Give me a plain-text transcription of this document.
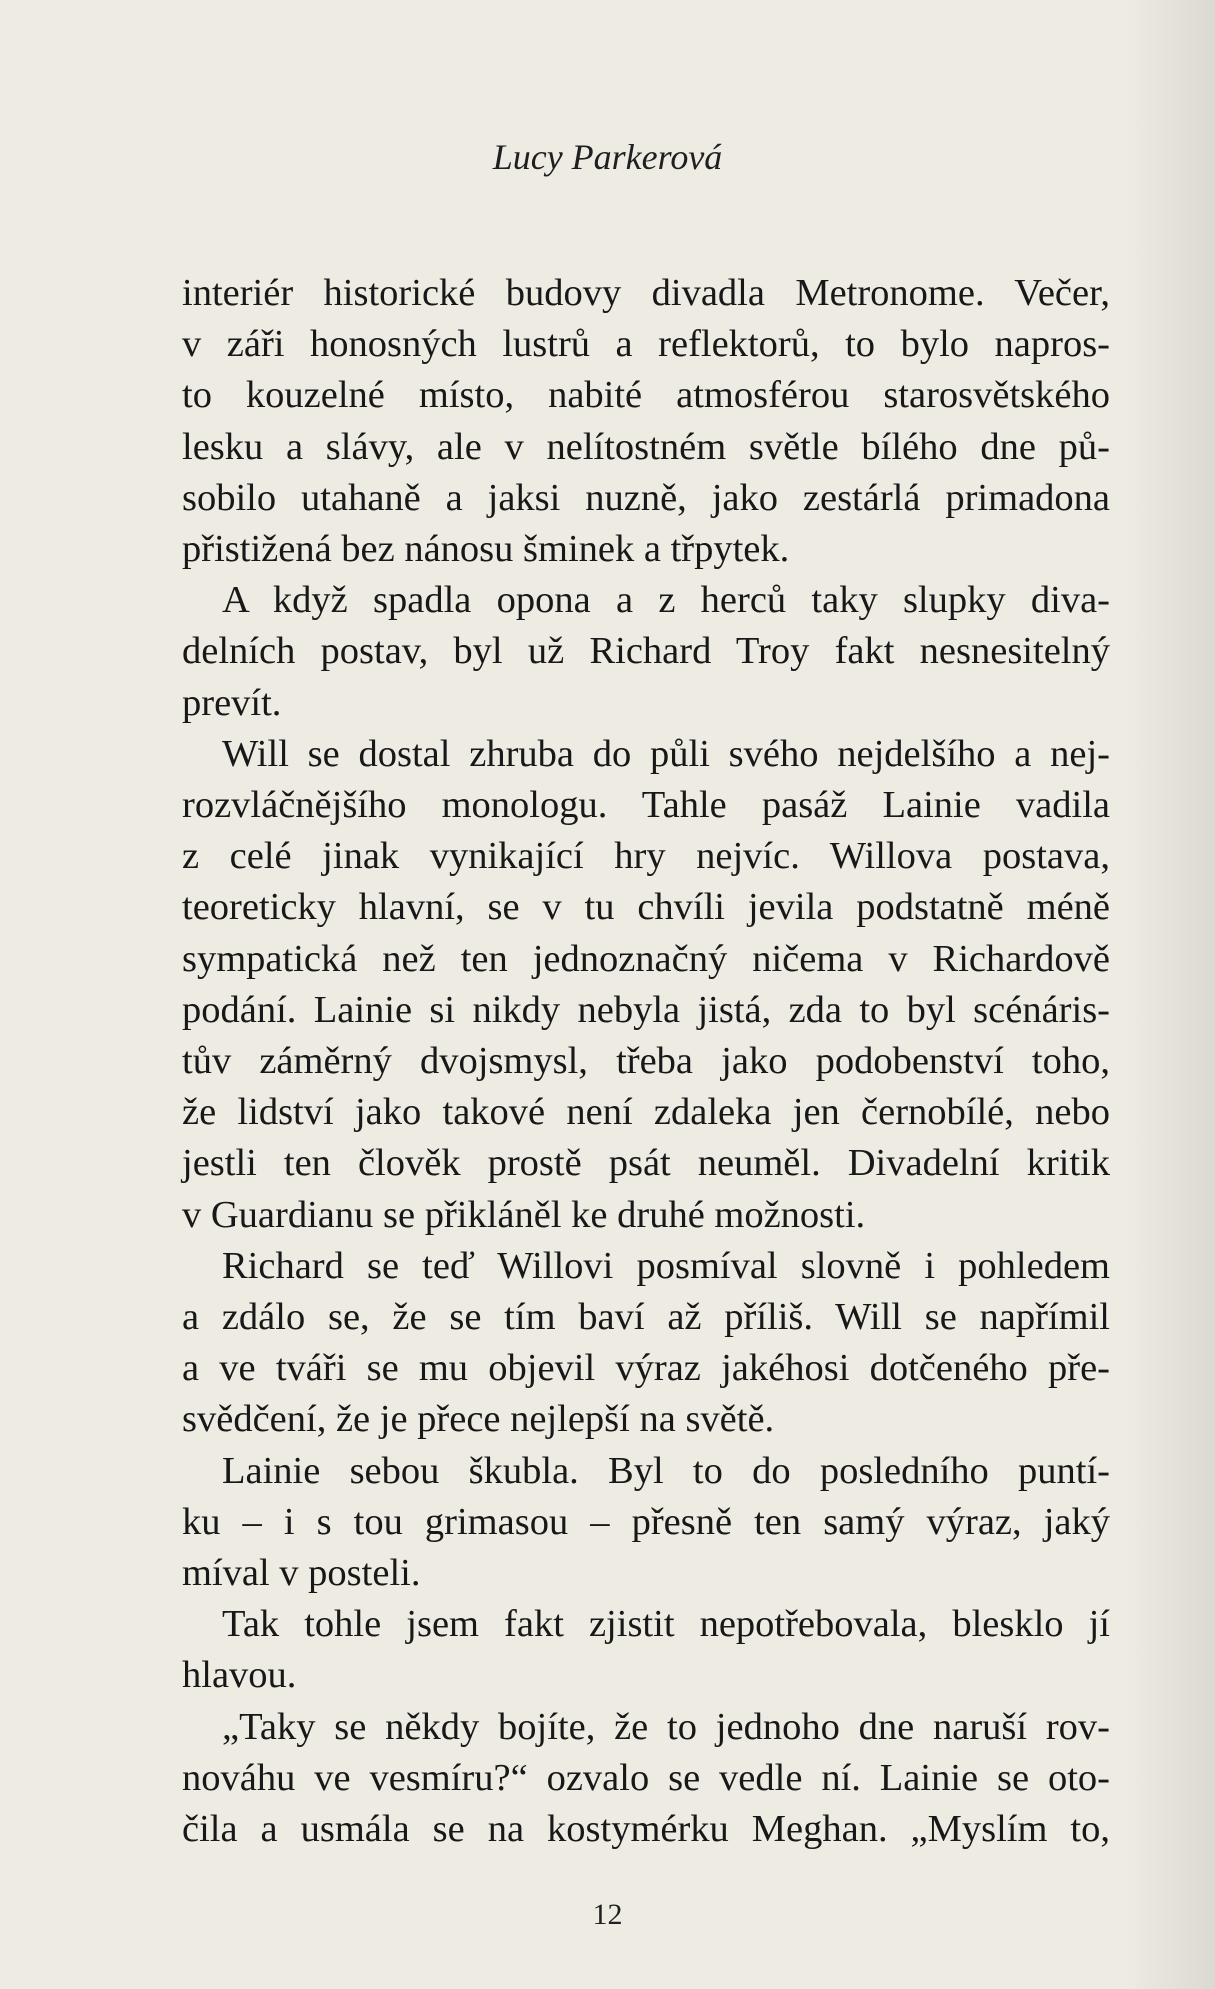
Lucy Parkerová
interiér historické budovy divadla Metronome. Večer,
v záři honosných lustrů a reflektorů, to bylo napros-
to kouzelné místo, nabité atmosférou starosvětského
lesku a slávy, ale v nelítostném světle bílého dne pů-
sobilo utahaně a jaksi nuzně, jako zestárlá primadona
přistižená bez nánosu šminek a třpytek.
A když spadla opona a z herců taky slupky diva-
delních postav, byl už Richard Troy fakt nesnesitelný
prevít.
Will se dostal zhruba do půli svého nejdelšího a nej-
rozvláčnějšího monologu. Tahle pasáž Lainie vadila
z celé jinak vynikající hry nejvíc. Willova postava,
teoreticky hlavní, se v tu chvíli jevila podstatně méně
sympatická než ten jednoznačný ničema v Richardově
podání. Lainie si nikdy nebyla jistá, zda to byl scénáris-
tův záměrný dvojsmysl, třeba jako podobenství toho,
že lidství jako takové není zdaleka jen černobílé, nebo
jestli ten člověk prostě psát neuměl. Divadelní kritik
v Guardianu se přikláněl ke druhé možnosti.
Richard se teď Willovi posmíval slovně i pohledem
a zdálo se, že se tím baví až příliš. Will se napřímil
a ve tváři se mu objevil výraz jakéhosi dotčeného pře-
svědčení, že je přece nejlepší na světě.
Lainie sebou škubla. Byl to do posledního puntí-
ku – i s tou grimasou – přesně ten samý výraz, jaký
míval v posteli.
Tak tohle jsem fakt zjistit nepotřebovala, blesklo jí
hlavou.
„Taky se někdy bojíte, že to jednoho dne naruší rov-
nováhu ve vesmíru?“ ozvalo se vedle ní. Lainie se oto-
čila a usmála se na kostymérku Meghan. „Myslím to,
12
